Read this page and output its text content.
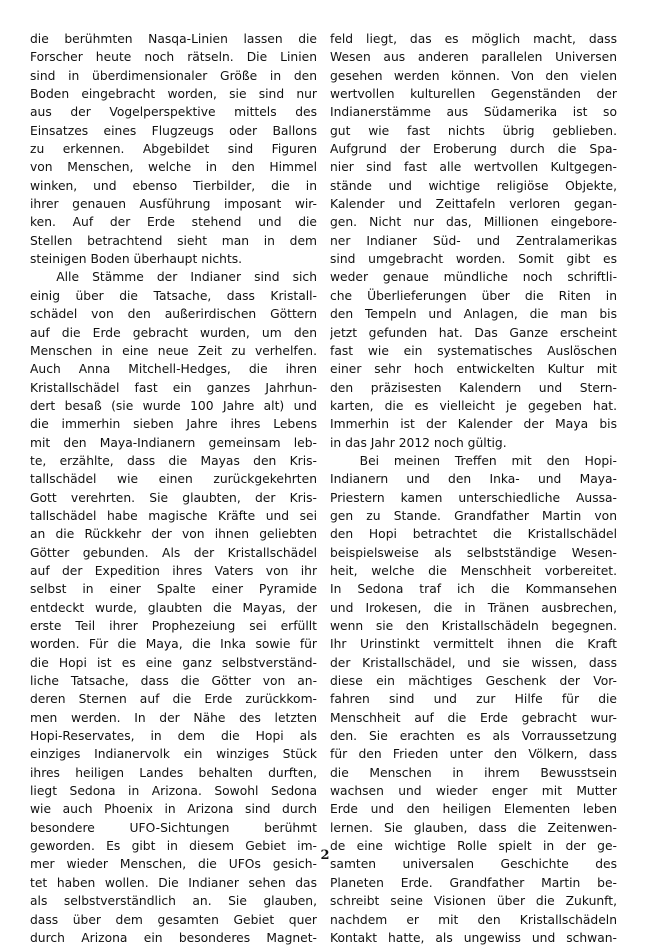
die berühmten Nasqa-Linien lassen die
Forscher heute noch rätseln. Die Linien
sind in überdimensionaler Größe in den
Boden eingebracht worden, sie sind nur
aus der Vogelperspektive mittels des
Einsatzes eines Flugzeugs oder Ballons
zu erkennen. Abgebildet sind Figuren
von Menschen, welche in den Himmel
winken, und ebenso Tierbilder, die in
ihrer genauen Ausführung imposant wir-
ken. Auf der Erde stehend und die
Stellen betrachtend sieht man in dem
steinigen Boden überhaupt nichts.
Alle Stämme der Indianer sind sich
einig über die Tatsache, dass Kristall-
schädel von den außerirdischen Göttern
auf die Erde gebracht wurden, um den
Menschen in eine neue Zeit zu verhelfen.
Auch Anna Mitchell-Hedges, die ihren
Kristallschädel fast ein ganzes Jahrhun-
dert besaß (sie wurde 100 Jahre alt) und
die immerhin sieben Jahre ihres Lebens
mit den Maya-Indianern gemeinsam leb-
te, erzählte, dass die Mayas den Kris-
tallschädel wie einen zurückgekehrten
Gott verehrten. Sie glaubten, der Kris-
tallschädel habe magische Kräfte und sei
an die Rückkehr der von ihnen geliebten
Götter gebunden. Als der Kristallschädel
auf der Expedition ihres Vaters von ihr
selbst in einer Spalte einer Pyramide
entdeckt wurde, glaubten die Mayas, der
erste Teil ihrer Prophezeiung sei erfüllt
worden. Für die Maya, die Inka sowie für
die Hopi ist es eine ganz selbstverständ-
liche Tatsache, dass die Götter von an-
deren Sternen auf die Erde zurückkom-
men werden. In der Nähe des letzten
Hopi-Reservates, in dem die Hopi als
einziges Indianervolk ein winziges Stück
ihres heiligen Landes behalten durften,
liegt Sedona in Arizona. Sowohl Sedona
wie auch Phoenix in Arizona sind durch
besondere UFO-Sichtungen berühmt
geworden. Es gibt in diesem Gebiet im-
mer wieder Menschen, die UFOs gesich-
tet haben wollen. Die Indianer sehen das
als selbstverständlich an. Sie glauben,
dass über dem gesamten Gebiet quer
durch Arizona ein besonderes Magnet-
feld liegt, das es möglich macht, dass
Wesen aus anderen parallelen Universen
gesehen werden können. Von den vielen
wertvollen kulturellen Gegenständen der
Indianerstämme aus Südamerika ist so
gut wie fast nichts übrig geblieben.
Aufgrund der Eroberung durch die Spa-
nier sind fast alle wertvollen Kultgegen-
stände und wichtige religiöse Objekte,
Kalender und Zeittafeln verloren gegan-
gen. Nicht nur das, Millionen eingebore-
ner Indianer Süd- und Zentralamerikas
sind umgebracht worden. Somit gibt es
weder genaue mündliche noch schriftli-
che Überlieferungen über die Riten in
den Tempeln und Anlagen, die man bis
jetzt gefunden hat. Das Ganze erscheint
fast wie ein systematisches Auslöschen
einer sehr hoch entwickelten Kultur mit
den präzisesten Kalendern und Stern-
karten, die es vielleicht je gegeben hat.
Immerhin ist der Kalender der Maya bis
in das Jahr 2012 noch gültig.
Bei meinen Treffen mit den Hopi-
Indianern und den Inka- und Maya-
Priestern kamen unterschiedliche Aussa-
gen zu Stande. Grandfather Martin von
den Hopi betrachtet die Kristallschädel
beispielsweise als selbstständige Wesen-
heit, welche die Menschheit vorbereitet.
In Sedona traf ich die Kommansehen
und Irokesen, die in Tränen ausbrechen,
wenn sie den Kristallschädeln begegnen.
Ihr Urinstinkt vermittelt ihnen die Kraft
der Kristallschädel, und sie wissen, dass
diese ein mächtiges Geschenk der Vor-
fahren sind und zur Hilfe für die
Menschheit auf die Erde gebracht wur-
den. Sie erachten es als Vorraussetzung
für den Frieden unter den Völkern, dass
die Menschen in ihrem Bewusstsein
wachsen und wieder enger mit Mutter
Erde und den heiligen Elementen leben
lernen. Sie glauben, dass die Zeitenwen-
de eine wichtige Rolle spielt in der ge-
samten universalen Geschichte des
Planeten Erde. Grandfather Martin be-
schreibt seine Visionen über die Zukunft,
nachdem er mit den Kristallschädeln
Kontakt hatte, als ungewiss und schwan-
2
